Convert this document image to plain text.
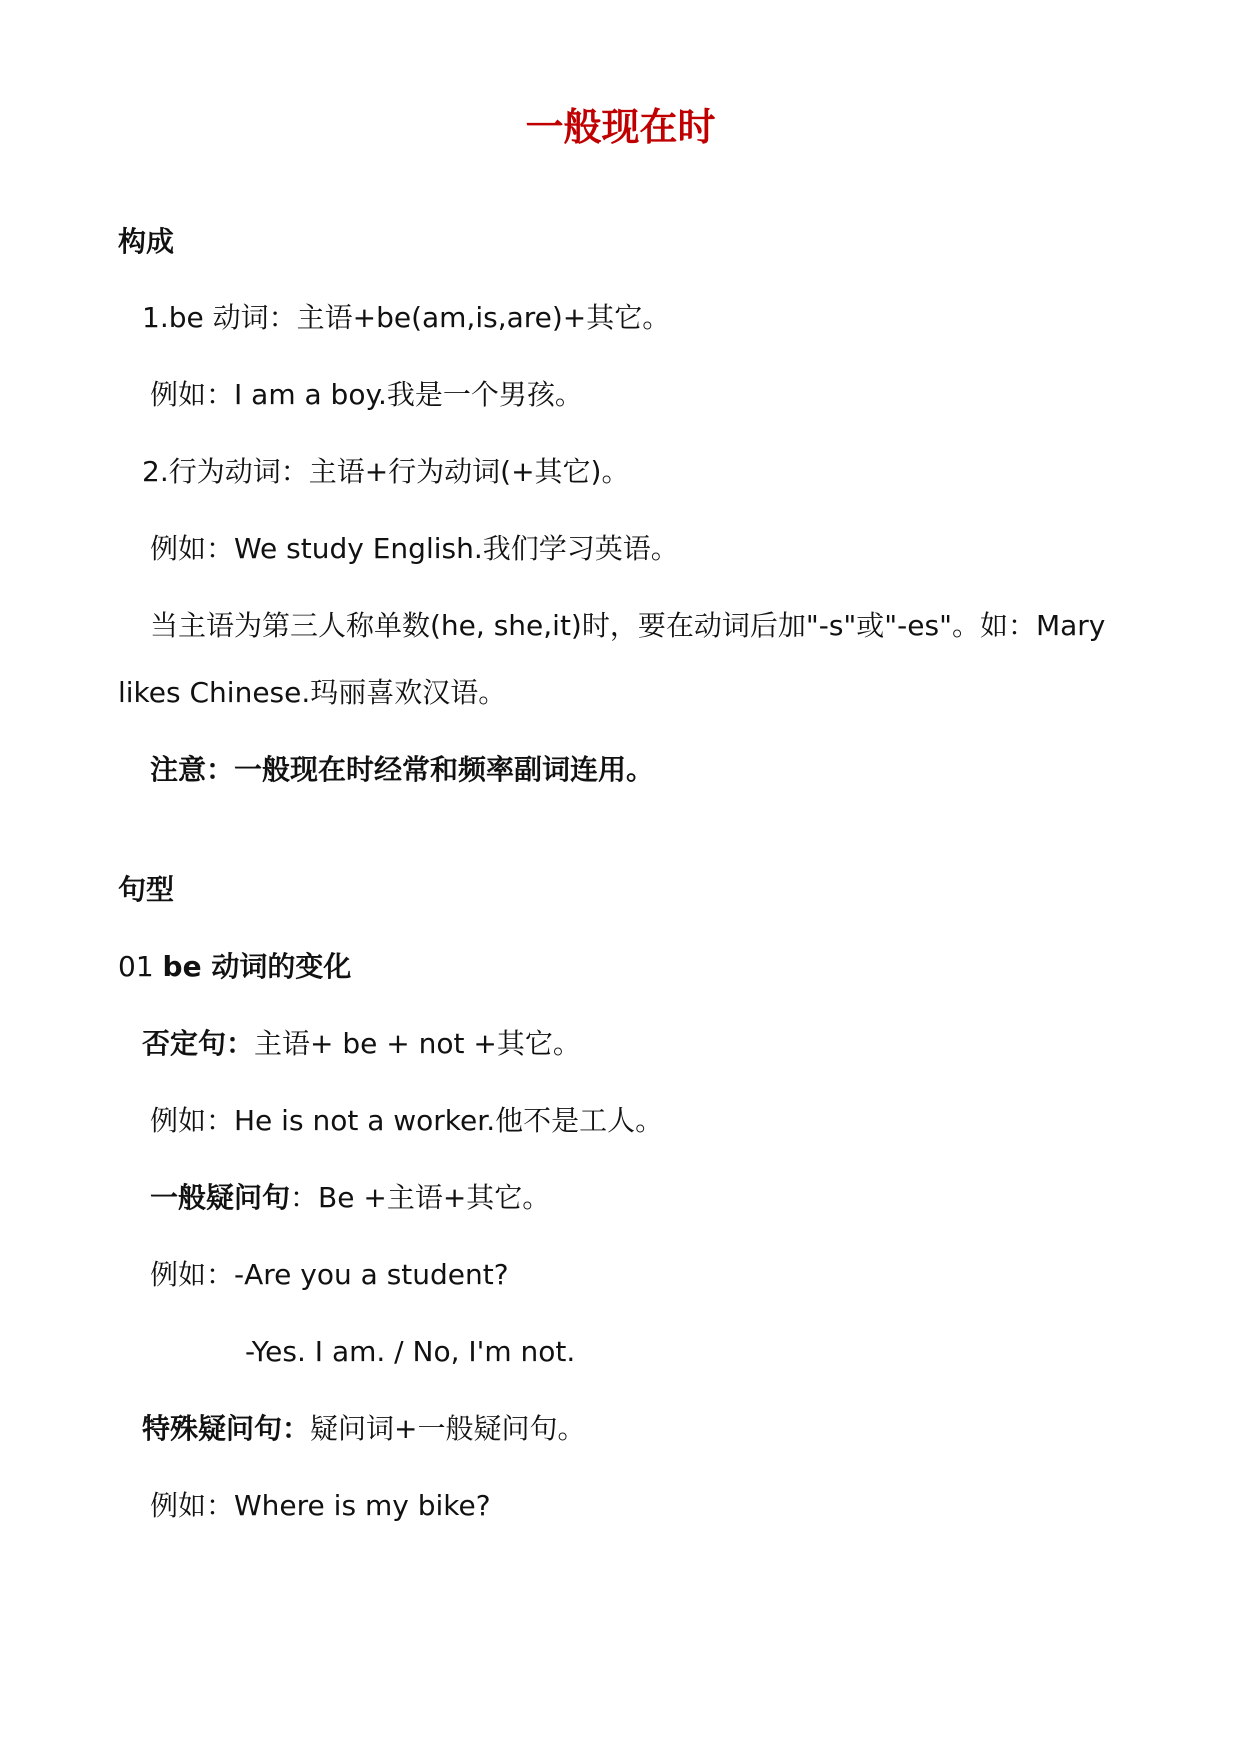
一般现在时
构成
1.be 动词：主语+be(am,is,are)+其它。
例如：I am a boy.我是一个男孩。
2.行为动词：主语+行为动词(+其它)。
例如：We study English.我们学习英语。
当主语为第三人称单数(he, she,it)时，要在动词后加"-s"或"-es"。如：Mary
likes Chinese.玛丽喜欢汉语。
注意：一般现在时经常和频率副词连用。
句型
01 be 动词的变化
否定句：主语+ be + not +其它。
例如：He is not a worker.他不是工人。
一般疑问句：Be +主语+其它。
例如：-Are you a student?
-Yes. I am. / No, I'm not.
特殊疑问句：疑问词+一般疑问句。
例如：Where is my bike?
